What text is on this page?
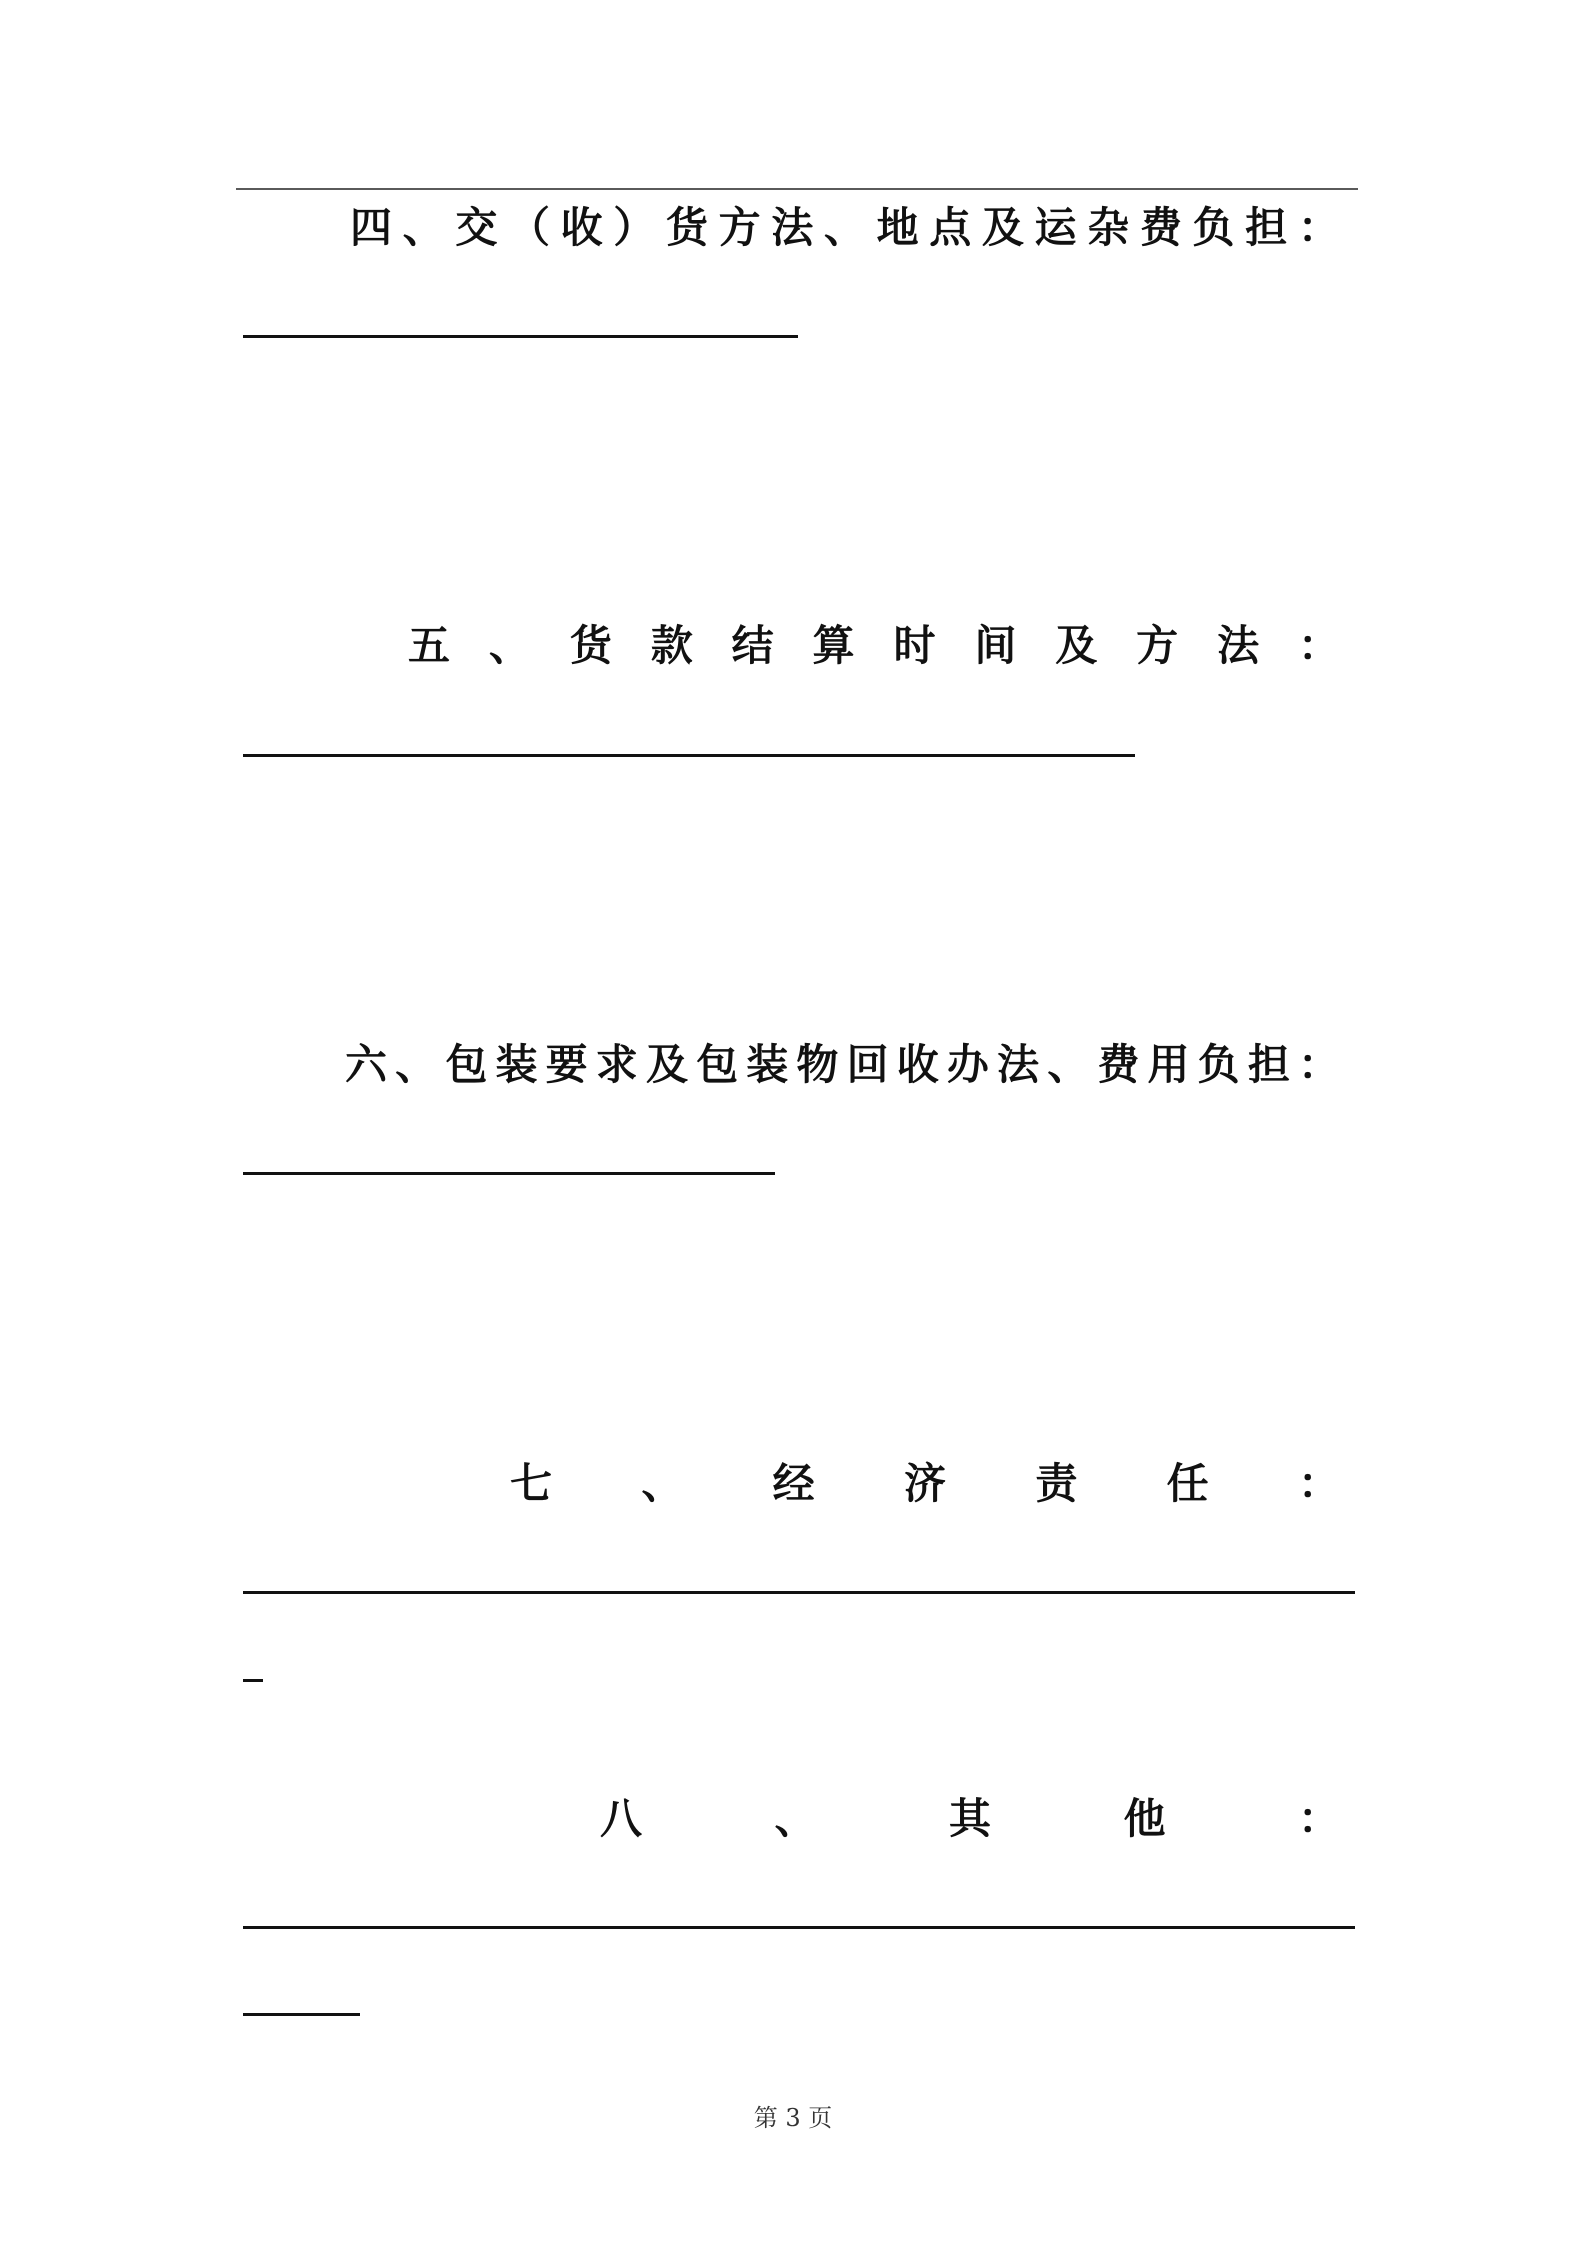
四 、 交 （ 收 ） 货 方 法 、 地 点 及 运 杂 费 负 担 ：
五 、 货 款 结 算 时 间 及 方 法 ：
六 、 包 装 要 求 及 包 装 物 回 收 办 法 、 费 用 负 担 ：
七 、 经 济 责 任 ：
八	、	其	他	：
第 3 页
